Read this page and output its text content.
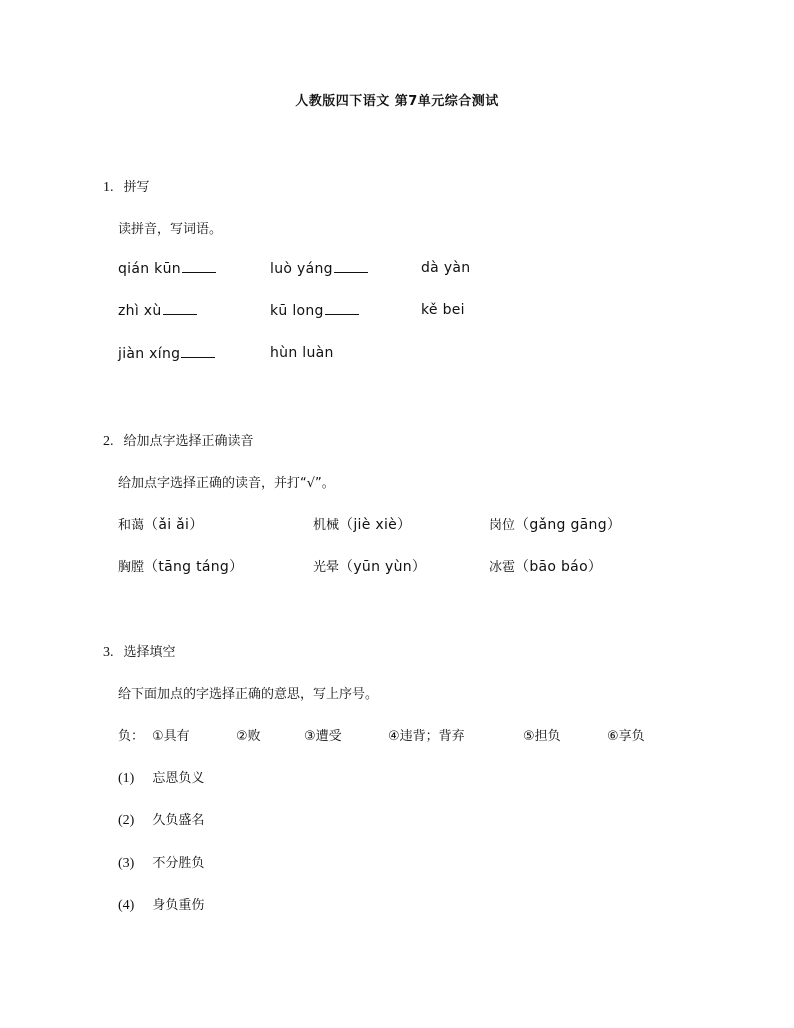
人教版四下语文 第7单元综合测试
1. 拼写
读拼音，写词语。
qián kūn	luò yáng	dà yàn
zhì xù	kū long	kě bei
jiàn xíng	hùn luàn
2. 给加点字选择正确读音
给加点字选择正确的读音，并打“√”。
和蔼（ǎi ǎi）	机械（jiè xiè）	岗位（gǎng gāng）
胸膛（tāng táng）	光晕（yūn yùn）	冰雹（bāo báo）
3. 选择填空
给下面加点的字选择正确的意思，写上序号。
负： ①具有	②败	③遭受	④违背；背弃	⑤担负	⑥享负
(1) 忘恩负义
(2) 久负盛名
(3) 不分胜负
(4) 身负重伤
